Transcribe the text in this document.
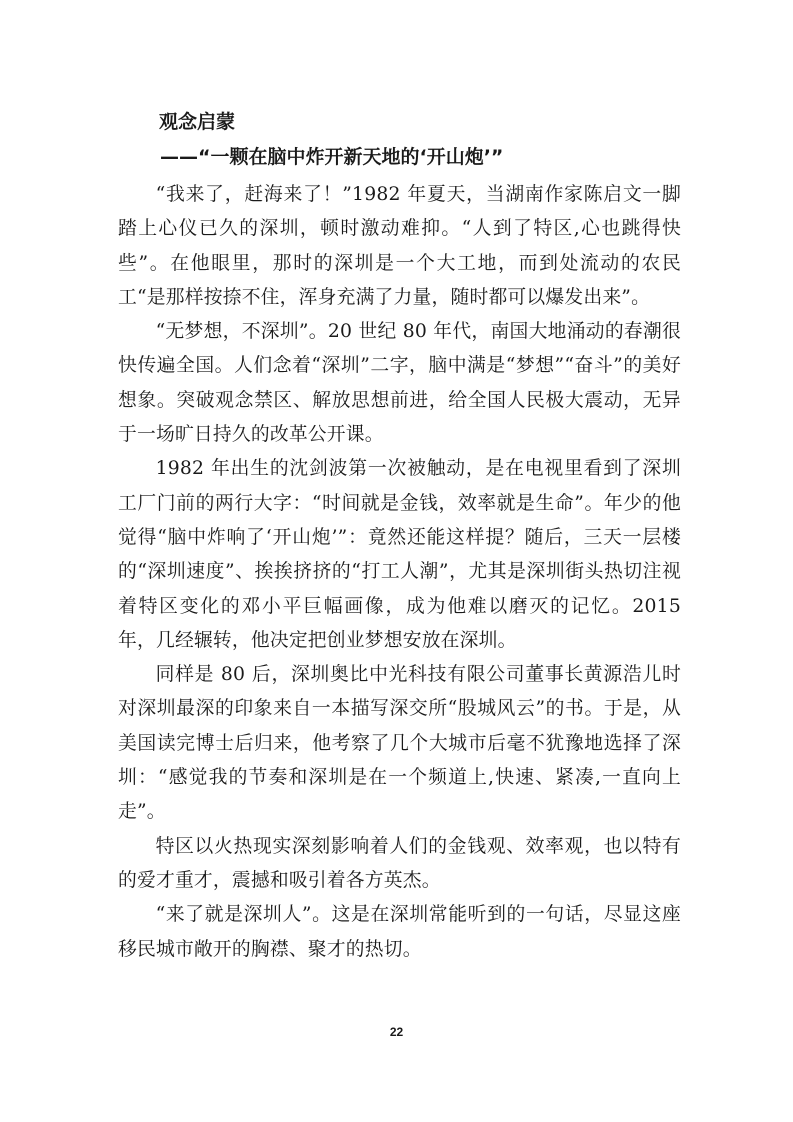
观念启蒙
——“一颗在脑中炸开新天地的‘开山炮’”

“我来了，赶海来了！”1982 年夏天，当湖南作家陈启文一脚踏上心仪已久的深圳，顿时激动难抑。“人到了特区,心也跳得快些”。在他眼里，那时的深圳是一个大工地，而到处流动的农民工“是那样按捺不住，浑身充满了力量，随时都可以爆发出来”。

“无梦想，不深圳”。20 世纪 80 年代，南国大地涌动的春潮很快传遍全国。人们念着“深圳”二字，脑中满是“梦想”“奋斗”的美好想象。突破观念禁区、解放思想前进，给全国人民极大震动，无异于一场旷日持久的改革公开课。

1982 年出生的沈剑波第一次被触动，是在电视里看到了深圳工厂门前的两行大字：“时间就是金钱，效率就是生命”。年少的他觉得“脑中炸响了‘开山炮’”：竟然还能这样提？随后，三天一层楼的“深圳速度”、挨挨挤挤的“打工人潮”，尤其是深圳街头热切注视着特区变化的邓小平巨幅画像，成为他难以磨灭的记忆。2015 年，几经辗转，他决定把创业梦想安放在深圳。

同样是 80 后，深圳奥比中光科技有限公司董事长黄源浩儿时对深圳最深的印象来自一本描写深交所“股城风云”的书。于是，从美国读完博士后归来，他考察了几个大城市后毫不犹豫地选择了深圳：“感觉我的节奏和深圳是在一个频道上,快速、紧凑,一直向上走”。

特区以火热现实深刻影响着人们的金钱观、效率观，也以特有的爱才重才，震撼和吸引着各方英杰。

“来了就是深圳人”。这是在深圳常能听到的一句话，尽显这座移民城市敞开的胸襟、聚才的热切。

22
